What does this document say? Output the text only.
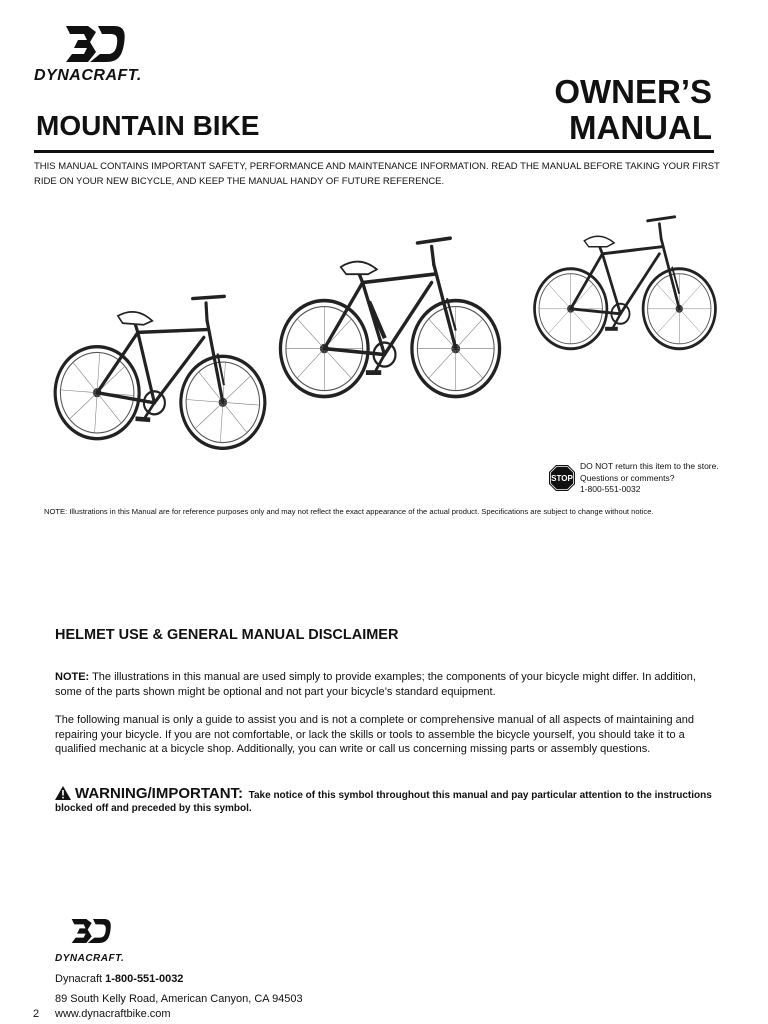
DYNACRAFT.	OWNER’S
MANUAL
MOUNTAIN BIKE
THIS MANUAL CONTAINS IMPORTANT SAFETY, PERFORMANCE AND MAINTENANCE INFORMATION. READ THE MANUAL BEFORE TAKING YOUR FIRST RIDE ON YOUR NEW BICYCLE, AND KEEP THE MANUAL HANDY OF FUTURE REFERENCE.
STOP
DO NOT return this item to the store.
Questions or comments?
1-800-551-0032
NOTE: Illustrations in this Manual are for reference purposes only and may not reflect the exact appearance of the actual product. Specifications are subject to change without notice.
HELMET USE & GENERAL MANUAL DISCLAIMER
NOTE: The illustrations in this manual are used simply to provide examples; the components of your bicycle might differ. In addition, some of the parts shown might be optional and not part your bicycle’s standard equipment.
The following manual is only a guide to assist you and is not a complete or comprehensive manual of all aspects of maintaining and repairing your bicycle. If you are not comfortable, or lack the skills or tools to assemble the bicycle yourself, you should take it to a qualified mechanic at a bicycle shop. Additionally, you can write or call us concerning missing parts or assembly questions.
WARNING/IMPORTANT: Take notice of this symbol throughout this manual and pay particular attention to the instructions blocked off and preceded by this symbol.
DYNACRAFT.
Dynacraft 1-800-551-0032
89 South Kelly Road, American Canyon, CA 94503
www.dynacraftbike.com
2
